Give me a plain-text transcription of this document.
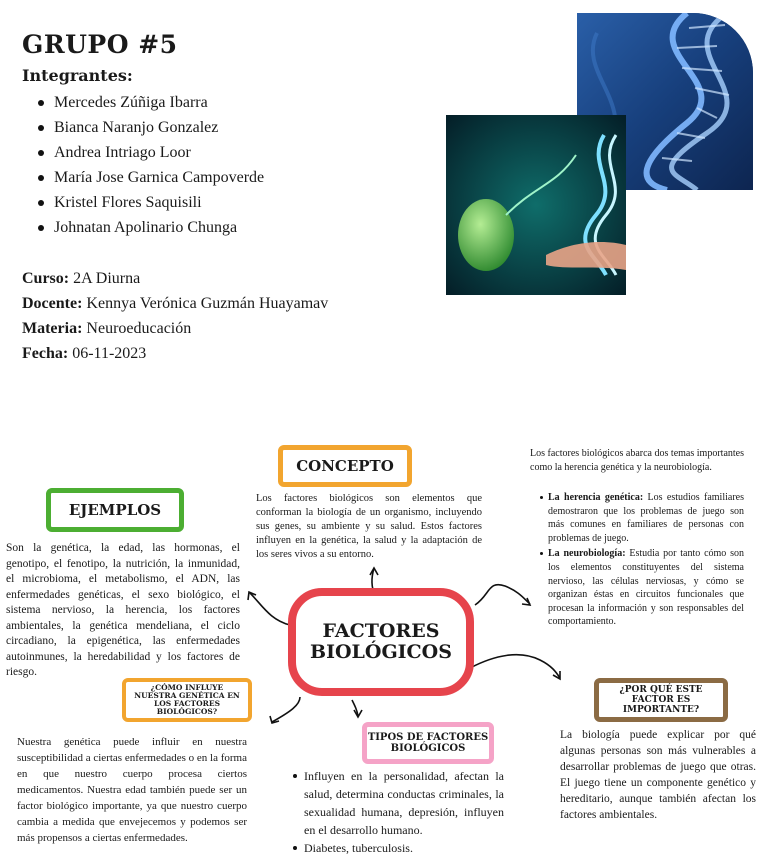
GRUPO #5
Integrantes:
Mercedes Zúñiga Ibarra
Bianca Naranjo Gonzalez
Andrea Intriago Loor
María Jose Garnica Campoverde
Kristel Flores Saquisili
Johnatan Apolinario Chunga
Curso: 2A Diurna
Docente: Kennya Verónica Guzmán Huayamav
Materia: Neuroeducación
Fecha: 06-11-2023
FACTORES BIOLÓGICOS
CONCEPTO
Los factores biológicos son elementos que conforman la biología de un organismo, incluyendo sus genes, su ambiente y su salud. Estos factores influyen en la genética, la salud y la adaptación de los seres vivos a su entorno.
EJEMPLOS
Son la genética, la edad, las hormonas, el genotipo, el fenotipo, la nutrición, la inmunidad, el microbioma, el metabolismo, el ADN, las enfermedades genéticas, el sexo biológico, el sistema nervioso, la herencia, los factores ambientales, la genética mendeliana, el ciclo circadiano, la epigenética, las enfermedades autoinmunes, la heredabilidad y los factores de riesgo.
Los factores biológicos abarca dos temas importantes como la herencia genética y la neurobiología.
La herencia genética: Los estudios familiares demostraron que los problemas de juego son más comunes en familiares de personas con problemas de juego.
La neurobiología: Estudia por tanto cómo son los elementos constituyentes del sistema nervioso, las células nerviosas, y cómo se organizan éstas en circuitos funcionales que procesan la información y son responsables del comportamiento.
¿CÓMO INFLUYE NUESTRA GENÉTICA EN LOS FACTORES BIOLÓGICOS?
Nuestra genética puede influir en nuestra susceptibilidad a ciertas enfermedades o en la forma en que nuestro cuerpo procesa ciertos medicamentos. Nuestra edad también puede ser un factor biológico importante, ya que nuestro cuerpo cambia a medida que envejecemos y podemos ser más propensos a ciertas enfermedades.
¿POR QUÉ ESTE FACTOR ES IMPORTANTE?
La biología puede explicar por qué algunas personas son más vulnerables a desarrollar problemas de juego que otras. El juego tiene un componente genético y hereditario, aunque también afectan los factores ambientales.
TIPOS DE FACTORES BIOLÓGICOS
Influyen en la personalidad, afectan la salud, determina conductas criminales, la sexualidad humana, depresión, influyen en el desarrollo humano.
Diabetes, tuberculosis.
